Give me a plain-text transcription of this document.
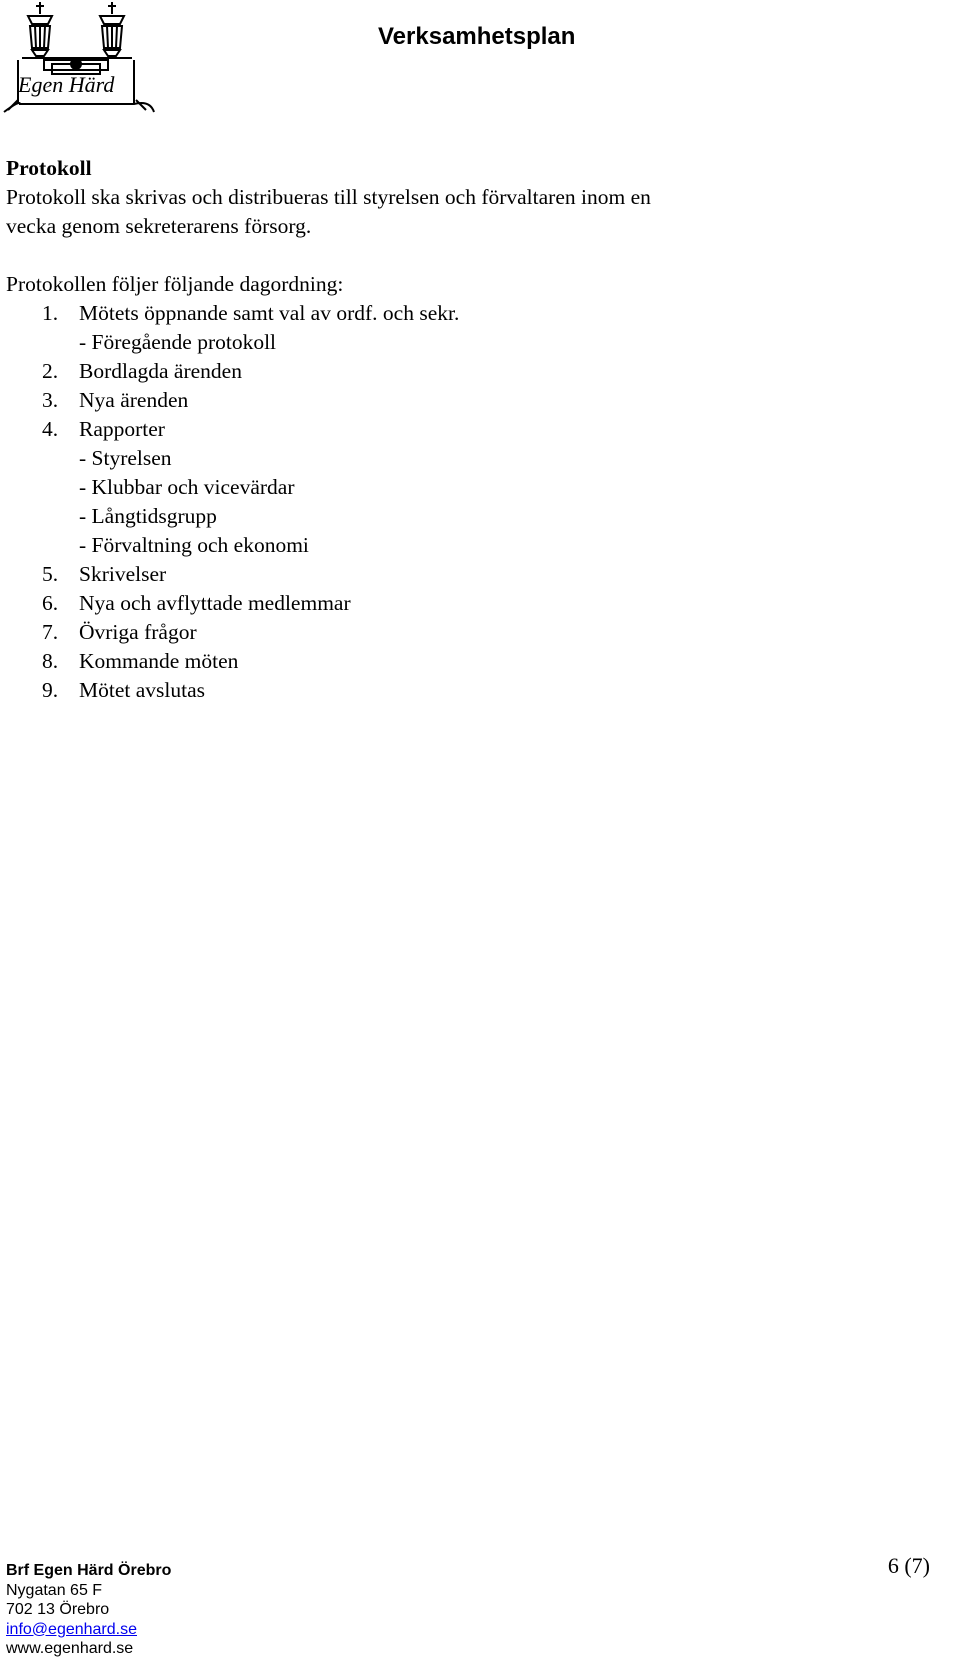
Egen Härd
Verksamhetsplan
Protokoll

Protokoll ska skrivas och distribueras till styrelsen och förvaltaren inom en

vecka genom sekreterarens försorg.

Protokollen följer följande dagordning:

1. Mötets öppnande samt val av ordf. och sekr.
- Föregående protokoll
2. Bordlagda ärenden
3. Nya ärenden
4. Rapporter
- Styrelsen
- Klubbar och vicevärdar
- Långtidsgrupp
- Förvaltning och ekonomi
5. Skrivelser
6. Nya och avflyttade medlemmar
7. Övriga frågor
8. Kommande möten
9. Mötet avslutas
Brf Egen Härd Örebro
Nygatan 65 F
702 13 Örebro
info@egenhard.se
www.egenhard.se
6 (7)
